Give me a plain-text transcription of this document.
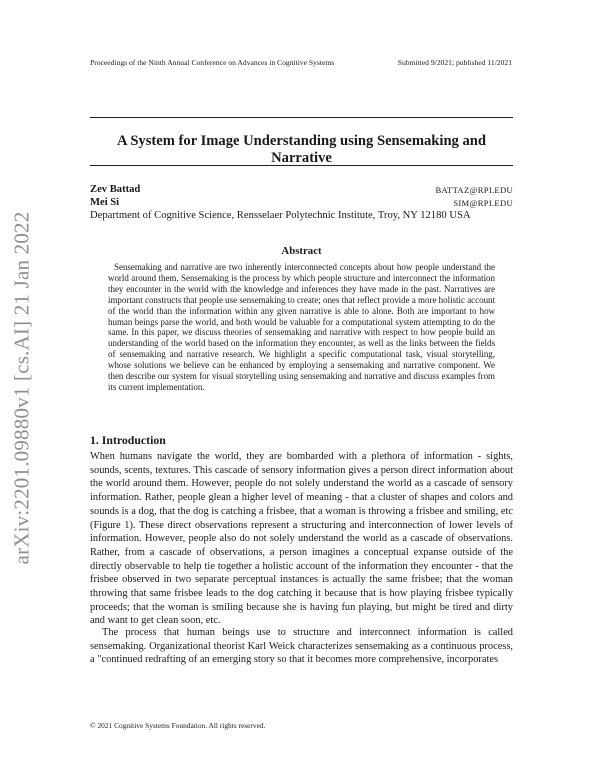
Proceedings of the Ninth Annual Conference on Advances in Cognitive Systems	Submitted 9/2021; published 11/2021
A System for Image Understanding using Sensemaking and Narrative
Zev Battad	BATTAZ@RPI.EDU
Mei Si	SIM@RPI.EDU
Department of Cognitive Science, Rensselaer Polytechnic Institute, Troy, NY 12180 USA
Abstract
Sensemaking and narrative are two inherently interconnected concepts about how people understand the world around them. Sensemaking is the process by which people structure and interconnect the information they encounter in the world with the knowledge and inferences they have made in the past. Narratives are important constructs that people use sensemaking to create; ones that reflect provide a more holistic account of the world than the information within any given narrative is able to alone. Both are important to how human beings parse the world, and both would be valuable for a computational system attempting to do the same. In this paper, we discuss theories of sensemaking and narrative with respect to how people build an understanding of the world based on the information they encounter, as well as the links between the fields of sensemaking and narrative research. We highlight a specific computational task, visual storytelling, whose solutions we believe can be enhanced by employing a sensemaking and narrative component. We then describe our system for visual storytelling using sensemaking and narrative and discuss examples from its current implementation.
1. Introduction
When humans navigate the world, they are bombarded with a plethora of information - sights, sounds, scents, textures. This cascade of sensory information gives a person direct information about the world around them. However, people do not solely understand the world as a cascade of sensory information. Rather, people glean a higher level of meaning - that a cluster of shapes and colors and sounds is a dog, that the dog is catching a frisbee, that a woman is throwing a frisbee and smiling, etc (Figure 1). These direct observations represent a structuring and interconnection of lower levels of information. However, people also do not solely understand the world as a cascade of observations. Rather, from a cascade of observations, a person imagines a conceptual expanse outside of the directly observable to help tie together a holistic account of the information they encounter - that the frisbee observed in two separate perceptual instances is actually the same frisbee; that the woman throwing that same frisbee leads to the dog catching it because that is how playing frisbee typically proceeds; that the woman is smiling because she is having fun playing, but might be tired and dirty and want to get clean soon, etc.
The process that human beings use to structure and interconnect information is called sensemaking. Organizational theorist Karl Weick characterizes sensemaking as a continuous process, a "continued redrafting of an emerging story so that it becomes more comprehensive, incorporates
© 2021 Cognitive Systems Foundation. All rights reserved.
arXiv:2201.09880v1 [cs.AI] 21 Jan 2022
